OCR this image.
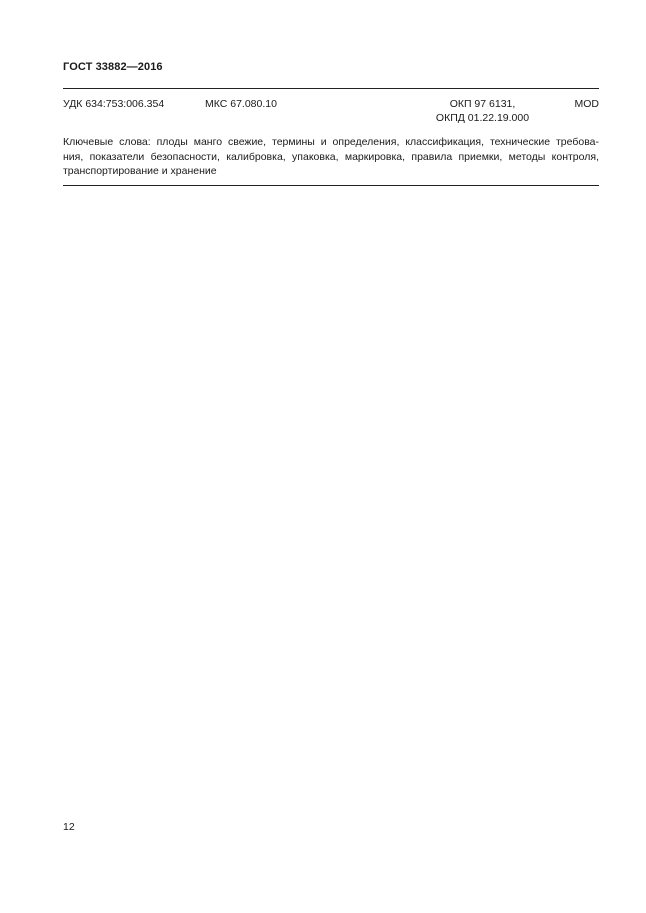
ГОСТ 33882—2016
УДК 634:753:006.354	МКС 67.080.10	ОКП 97 6131,
ОКПД 01.22.19.000
MOD
Ключевые слова: плоды манго свежие, термины и определения, классификация, технические требова-
ния, показатели безопасности, калибровка, упаковка, маркировка, правила приемки, методы контроля,
транспортирование и хранение
12
